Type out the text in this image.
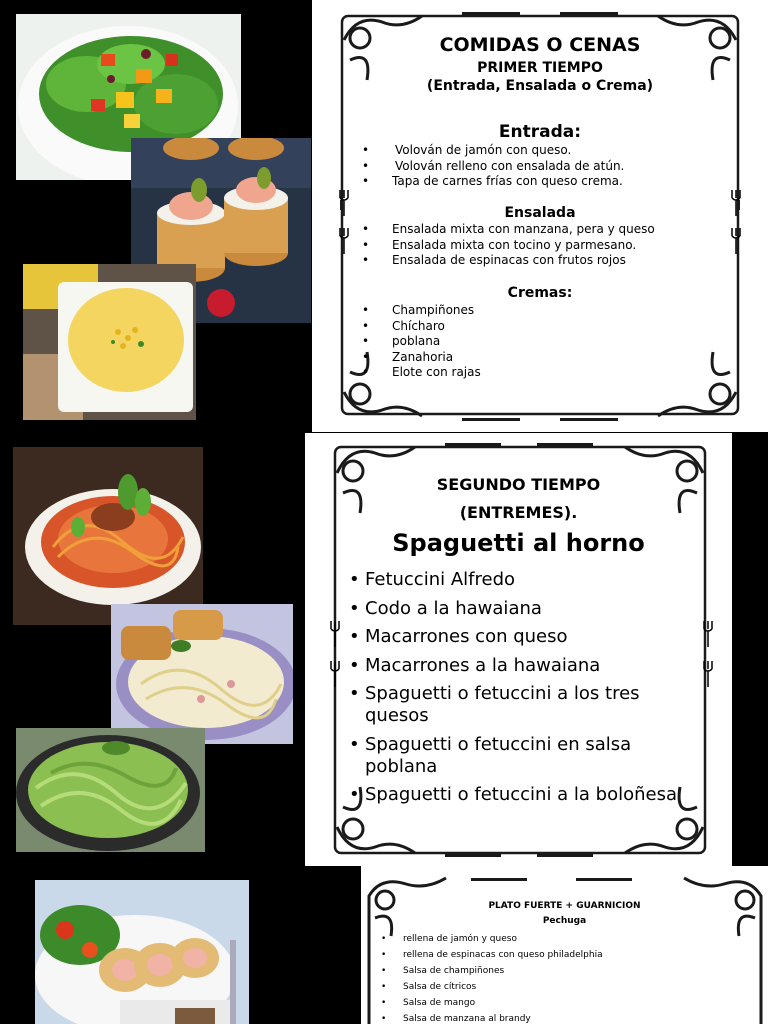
COMIDAS O CENAS
PRIMER TIEMPO
(Entrada, Ensalada o Crema)
Entrada:
• Volován de jamón con queso.
• Volován relleno con ensalada de atún.
• Tapa de carnes frías con queso crema.
Ensalada
• Ensalada mixta con manzana, pera y queso
• Ensalada mixta con tocino y parmesano.
• Ensalada de espinacas con frutos rojos
Cremas:
• Champiñones
• Chícharo
• poblana
• Zanahoria
• Elote con rajas
SEGUNDO TIEMPO
(ENTREMES).
Spaguetti al horno
• Fetuccini Alfredo
• Codo a la hawaiana
• Macarrones con queso
• Macarrones a la hawaiana
• Spaguetti o fetuccini a los tres quesos
• Spaguetti o fetuccini en salsa poblana
• Spaguetti o fetuccini a la boloñesa
PLATO FUERTE + GUARNICION
Pechuga
• rellena de jamón y queso
• rellena de espinacas con queso philadelphia
• Salsa de champiñones
• Salsa de cítricos
• Salsa de mango
• Salsa de manzana al brandy
